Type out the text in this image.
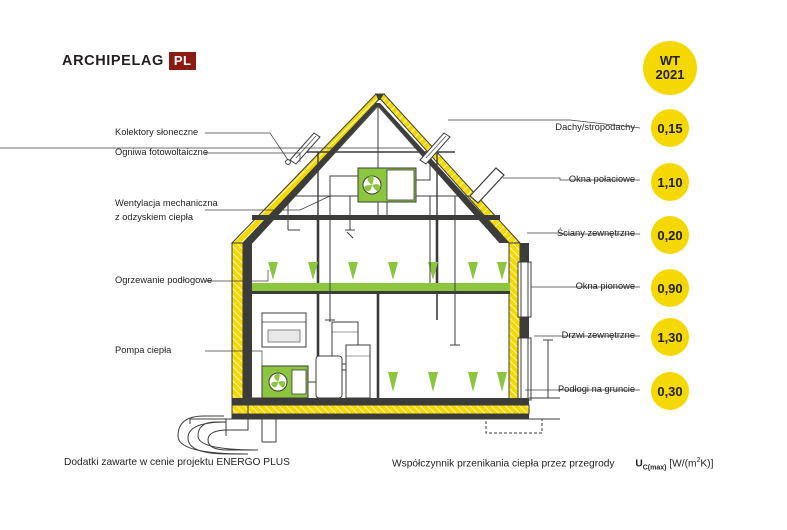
ARCHIPELAG PL
Kolektory słoneczne
Ogniwa fotowoltaiczne
Wentylacja mechaniczna
z odzyskiem ciepła
Ogrzewanie podłogowe
Pompa ciepła
Dachy/stropodachy	0,15
Okna połaciowe	1,10
Ściany zewnętrzne	0,20
Okna pionowe	0,90
Drzwi zewnętrzne	1,30
Podłogi na gruncie	0,30
WT
2021
Dodatki zawarte w cenie projektu ENERGO PLUS	Współczynnik przenikania ciepła przez przegrody $U_{C(max)}$ $[W/(m^2K)]$
